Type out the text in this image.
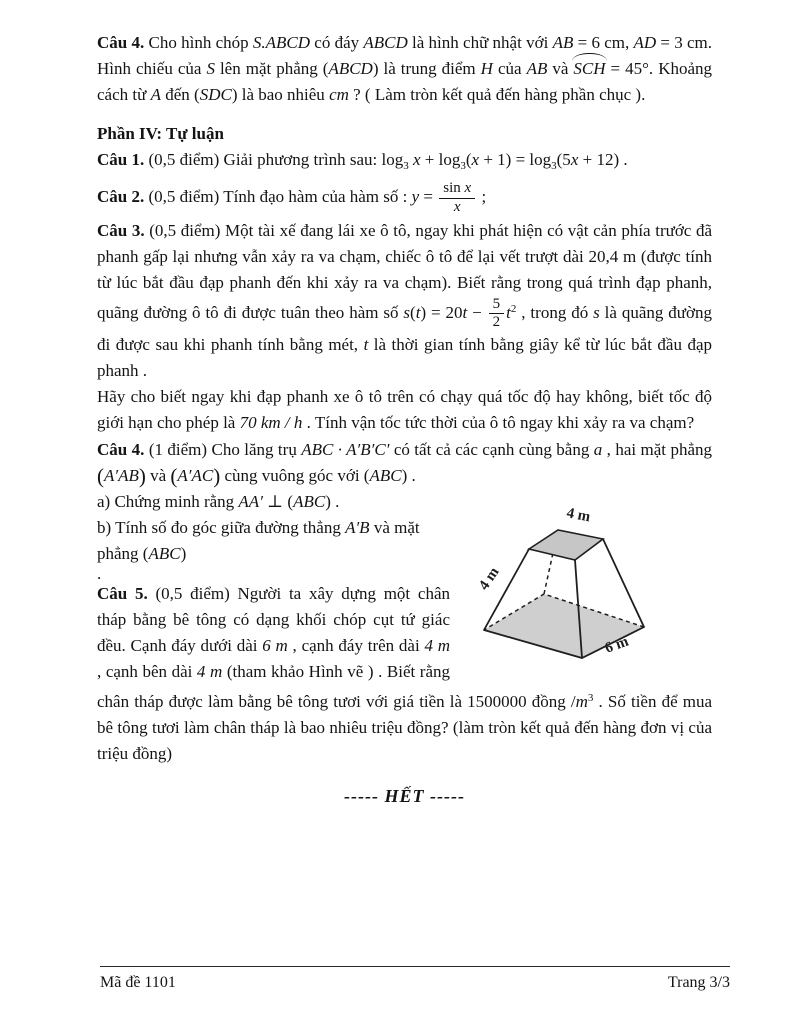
Câu 4. Cho hình chóp S.ABCD có đáy ABCD là hình chữ nhật với AB = 6 cm, AD = 3 cm. Hình chiếu của S lên mặt phẳng (ABCD) là trung điểm H của AB và SCH = 45°. Khoảng cách từ A đến (SDC) là bao nhiêu cm ? ( Làm tròn kết quả đến hàng phần chục ).

Phần IV: Tự luận

Câu 1. (0,5 điểm) Giải phương trình sau: $\log_3 x + \log_3(x + 1) = \log_3(5x + 12)$ .

Câu 2. (0,5 điểm) Tính đạo hàm của hàm số : $y = \frac{\text{sin x}}{x}$ ;

Câu 3. (0,5 điểm) Một tài xế đang lái xe ô tô, ngay khi phát hiện có vật cản phía trước đã phanh gấp lại nhưng vẫn xảy ra va chạm, chiếc ô tô để lại vết trượt dài 20,4 m (được tính từ lúc bắt đầu đạp phanh đến khi xảy ra va chạm). Biết rằng trong quá trình đạp phanh, quãng đường ô tô đi được tuân theo hàm số $s(t) = 20t - \frac{5}{2} t^2$ , trong đó s là quãng đường đi được sau khi phanh tính bằng mét, t là thời gian tính bằng giây kể từ lúc bắt đầu đạp phanh .

Hãy cho biết ngay khi đạp phanh xe ô tô trên có chạy quá tốc độ hay không, biết tốc độ giới hạn cho phép là 70 km / h . Tính vận tốc tức thời của ô tô ngay khi xảy ra va chạm?

Câu 4. (1 điểm) Cho lăng trụ ABC · A′B′C′ có tất cả các cạnh cùng bằng a , hai mặt phẳng (A′AB) và (A′AC) cùng vuông góc với (ABC) .

4 m
4 m
6 m

a) Chứng minh rằng AA′ ⊥ (ABC) .

b) Tính số đo góc giữa đường thẳng A′B và mặt phẳng (ABC)

.

Câu 5. (0,5 điểm) Người ta xây dựng một chân tháp bằng bê tông có dạng khối chóp cụt tứ giác đều. Cạnh đáy dưới dài 6 m , cạnh đáy trên dài 4 m , cạnh bên dài 4 m (tham khảo Hình vẽ ) . Biết rằng chân tháp được làm bằng bê tông tươi với giá tiền là 1500000 đồng $/m^3$ . Số tiền để mua bê tông tươi làm chân tháp là bao nhiêu triệu đồng? (làm tròn kết quả đến hàng đơn vị của triệu đồng)

----- HẾT -----

Mã đề 1101	Trang 3/3
